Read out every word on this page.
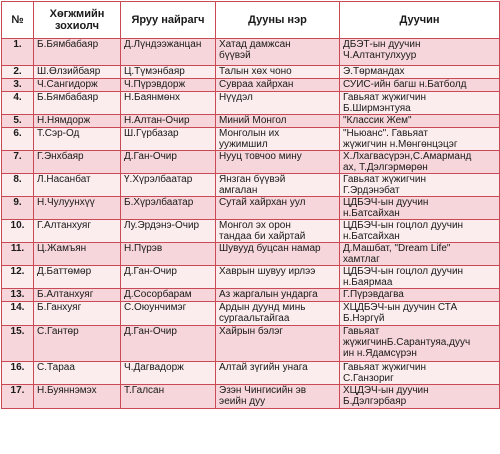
№	Хөгжмийн зохиолч	Яруу найрагч	Дууны нэр	Дуучин
1.	Б.Бямбабаяр	Д.Лүндээжанцан	Хатад дамжсан
бүүвэй	ДБЭТ-ын дуучин
Ч.Алтантулхуур

2.	Ш.Өлзийбаяр	Ц.Түмэнбаяр	Талын хөх чоно	Э.Төрмандах

3.	Ч.Сангидорж	Ч.Пүрэвдорж	Сувраа хайрхан	СУИС-ийн багш н.Батболд

4.	Б.Бямбабаяр	Н.Баянмөнх	Нүүдэл	Гавьяат жүжигчин
Б.Ширмэнтуяа

5.	Н.Нямдорж	Н.Алтан-Очир	Миний Монгол	"Классик Жем"

6.	Т.Сэр-Од	Ш.Гүрбазар	Монголын их
уужимшил	"Ньюанс". Гавьяат
жүжигчин н.Мөнгөнцэцэг

7.	Г.Энхбаяр	Д.Ган-Очир	Нууц товчоо мину	Х.Лхагвасүрэн,С.Амарманд
ах, Т.Дэлгэрмөрөн

8.	Л.Насанбат	Ү.Хүрэлбаатар	Янзган бүүвэй
амгалан	Гавьяат жүжигчин
Г.Эрдэнэбат

9.	Н.Чулуунхүү	Б.Хүрэлбаатар	Сутай хайрхан уул	ЦДБЭЧ-ын дуучин
н.Батсайхан

10.	Г.Алтанхуяг	Лу.Эрдэнэ-Очир	Монгол эх орон
тандаа би хайртай	ЦДБЭЧ-ын гоцлол дуучин
н.Батсайхан

11.	Ц.Жамъян	Н.Пүрэв	Шувууд буцсан намар	Д.Машбат, "Dream Life"
хамтлаг

12.	Д.Баттөмөр	Д.Ган-Очир	Хаврын шувуу ирлээ	ЦДБЭЧ-ын гоцлол дуучин
н.Баярмаа

13.	Б.Алтанхуяг	Д.Сосорбарам	Аз жаргалын ундарга	Г.Пүрэвдагва

14.	Б.Ганхуяг	С.Оюунчимэг	Ардын дуунд минь
сургаальтайгаа	ХЦДБЭЧ-ын дуучин СТА
Б.Нэргүй

15.	С.Гантөр	Д.Ган-Очир	Хайрын бэлэг	Гавьяат
жүжигчинБ.Сарантуяа,дууч
ин н.Ядамсүрэн

16.	С.Тараа	Ч.Дагвадорж	Алтай зүгийн унага	Гавьяат жүжигчин
С.Ганзориг

17.	Н.Буяннэмэх	Т.Галсан	Эзэн Чингисийн эв
эеийн дуу	ХЦДЭЧ-ын дуучин
Б.Дэлгэрбаяр
